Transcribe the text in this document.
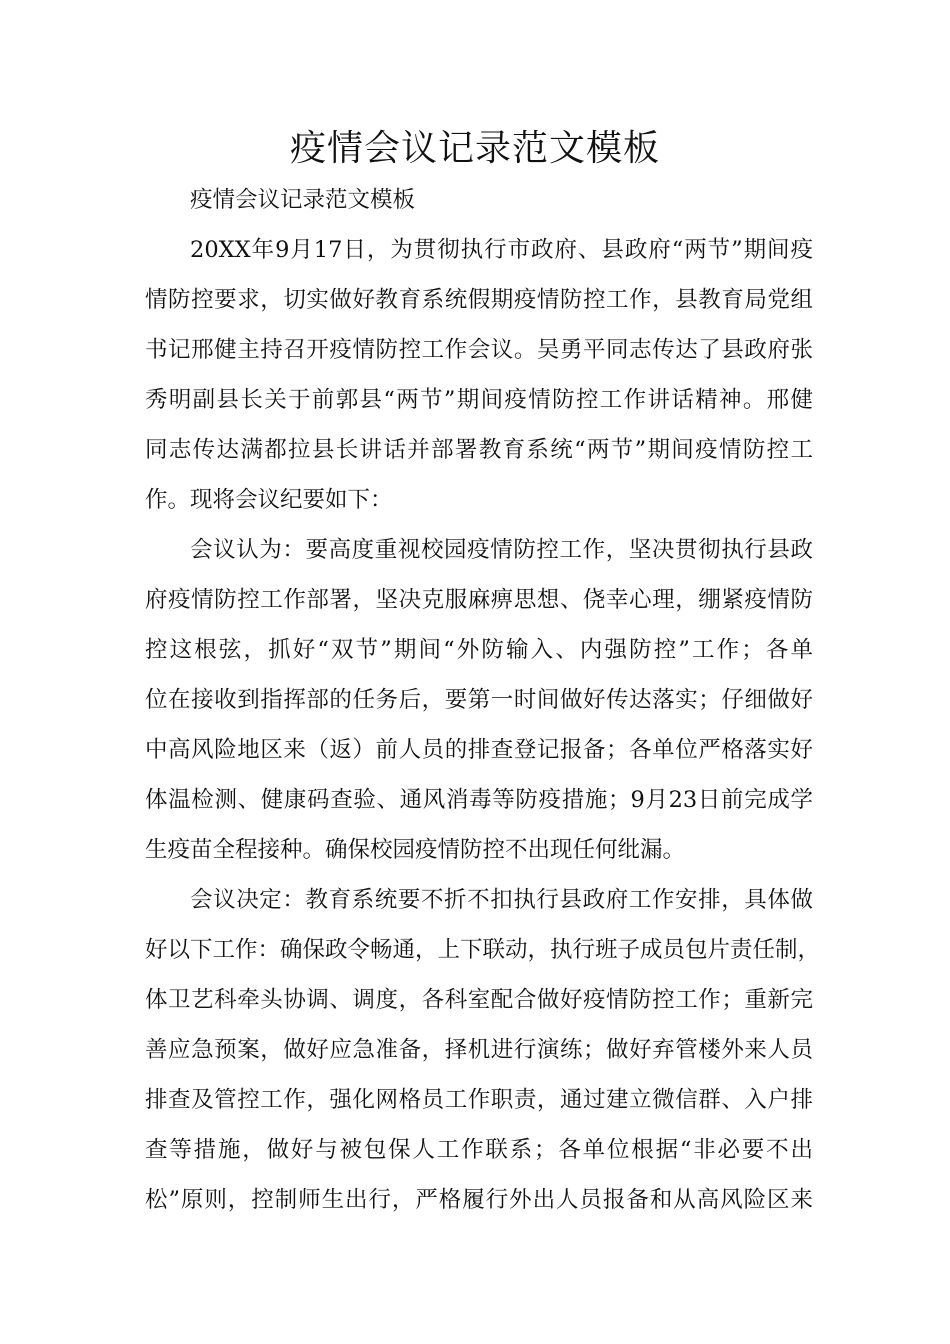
疫情会议记录范文模板
疫情会议记录范文模板
20XX年9月17日，为贯彻执行市政府、县政府“两节”期间疫
情防控要求，切实做好教育系统假期疫情防控工作，县教育局党组
书记邢健主持召开疫情防控工作会议。吴勇平同志传达了县政府张
秀明副县长关于前郭县“两节”期间疫情防控工作讲话精神。邢健
同志传达满都拉县长讲话并部署教育系统“两节”期间疫情防控工
作。现将会议纪要如下：
会议认为：要高度重视校园疫情防控工作，坚决贯彻执行县政
府疫情防控工作部署，坚决克服麻痹思想、侥幸心理，绷紧疫情防
控这根弦，抓好“双节”期间“外防输入、内强防控”工作；各单
位在接收到指挥部的任务后，要第一时间做好传达落实；仔细做好
中高风险地区来（返）前人员的排查登记报备；各单位严格落实好
体温检测、健康码查验、通风消毒等防疫措施；9月23日前完成学
生疫苗全程接种。确保校园疫情防控不出现任何纰漏。
会议决定：教育系统要不折不扣执行县政府工作安排，具体做
好以下工作：确保政令畅通，上下联动，执行班子成员包片责任制，
体卫艺科牵头协调、调度，各科室配合做好疫情防控工作；重新完
善应急预案，做好应急准备，择机进行演练；做好弃管楼外来人员
排查及管控工作，强化网格员工作职责，通过建立微信群、入户排
查等措施，做好与被包保人工作联系；各单位根据“非必要不出
松”原则，控制师生出行，严格履行外出人员报备和从高风险区来
